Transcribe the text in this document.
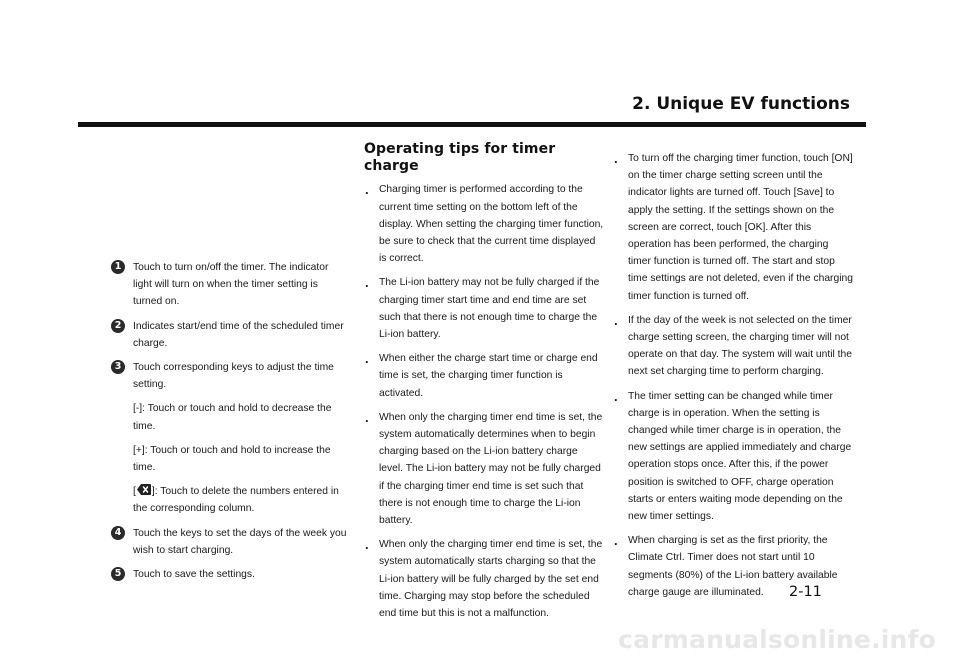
2. Unique EV functions
1	Touch to turn on/off the timer. The indicator light will turn on when the timer setting is turned on.
2	Indicates start/end time of the scheduled timer charge.
3	Touch corresponding keys to adjust the time setting.
[-]: Touch or touch and hold to decrease the time.
[+]: Touch or touch and hold to increase the time.
[ ]: Touch to delete the numbers entered in the corresponding column.
4	Touch the keys to set the days of the week you wish to start charging.
5	Touch to save the settings.
Operating tips for timer charge
. Charging timer is performed according to the current time setting on the bottom left of the display. When setting the charging timer function, be sure to check that the current time displayed is correct.
. The Li-ion battery may not be fully charged if the charging timer start time and end time are set such that there is not enough time to charge the Li-ion battery.
. When either the charge start time or charge end time is set, the charging timer function is activated.
. When only the charging timer end time is set, the system automatically determines when to begin charging based on the Li-ion battery charge level. The Li-ion battery may not be fully charged if the charging timer end time is set such that there is not enough time to charge the Li-ion battery.
. When only the charging timer end time is set, the system automatically starts charging so that the Li-ion battery will be fully charged by the set end time. Charging may stop before the scheduled end time but this is not a malfunction.
. To turn off the charging timer function, touch [ON] on the timer charge setting screen until the indicator lights are turned off. Touch [Save] to apply the setting. If the settings shown on the screen are correct, touch [OK]. After this operation has been performed, the charging timer function is turned off. The start and stop time settings are not deleted, even if the charging timer function is turned off.
. If the day of the week is not selected on the timer charge setting screen, the charging timer will not operate on that day. The system will wait until the next set charging time to perform charging.
. The timer setting can be changed while timer charge is in operation. When the setting is changed while timer charge is in operation, the new settings are applied immediately and charge operation stops once. After this, if the power position is switched to OFF, charge operation starts or enters waiting mode depending on the new timer settings.
. When charging is set as the first priority, the Climate Ctrl. Timer does not start until 10 segments (80%) of the Li-ion battery available charge gauge are illuminated.	2-11
carmanualsonline.info
